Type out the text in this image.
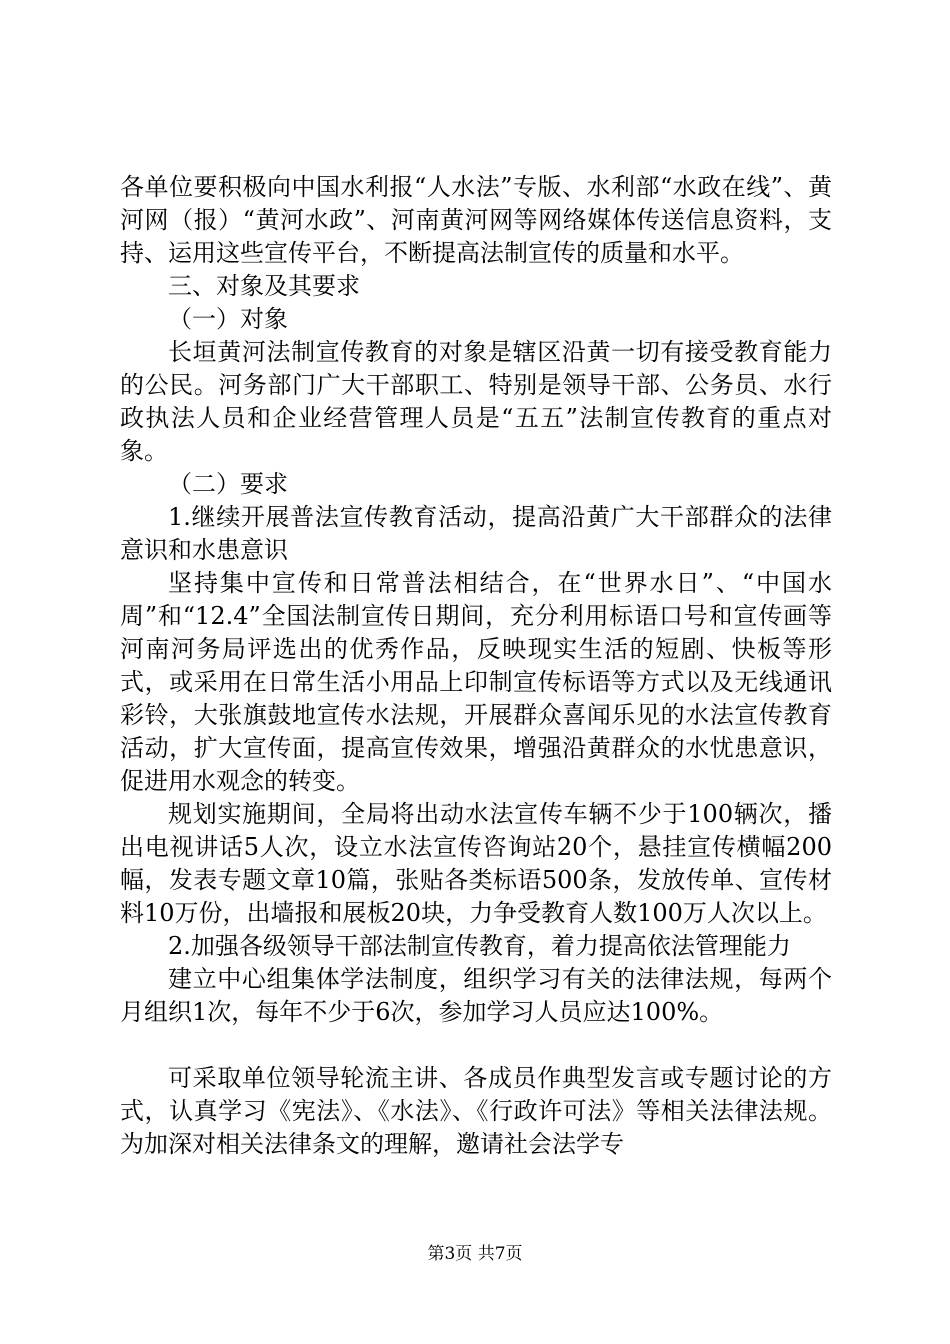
各单位要积极向中国水利报“人水法”专版、水利部“水政在线”、黄河网（报）“黄河水政”、河南黄河网等网络媒体传送信息资料，支持、运用这些宣传平台，不断提高法制宣传的质量和水平。

三、对象及其要求

（一）对象

长垣黄河法制宣传教育的对象是辖区沿黄一切有接受教育能力的公民。河务部门广大干部职工、特别是领导干部、公务员、水行政执法人员和企业经营管理人员是“五五”法制宣传教育的重点对象。

（二）要求

1.继续开展普法宣传教育活动，提高沿黄广大干部群众的法律意识和水患意识

坚持集中宣传和日常普法相结合，在“世界水日”、“中国水周”和“12.4”全国法制宣传日期间，充分利用标语口号和宣传画等河南河务局评选出的优秀作品，反映现实生活的短剧、快板等形式，或采用在日常生活小用品上印制宣传标语等方式以及无线通讯彩铃，大张旗鼓地宣传水法规，开展群众喜闻乐见的水法宣传教育活动，扩大宣传面，提高宣传效果，增强沿黄群众的水忧患意识，促进用水观念的转变。

规划实施期间，全局将出动水法宣传车辆不少于100辆次，播出电视讲话5人次，设立水法宣传咨询站20个，悬挂宣传横幅200幅，发表专题文章10篇，张贴各类标语500条，发放传单、宣传材料10万份，出墙报和展板20块，力争受教育人数100万人次以上。

2.加强各级领导干部法制宣传教育，着力提高依法管理能力

建立中心组集体学法制度，组织学习有关的法律法规，每两个月组织1次，每年不少于6次，参加学习人员应达100%。

可采取单位领导轮流主讲、各成员作典型发言或专题讨论的方式，认真学习《宪法》、《水法》、《行政许可法》等相关法律法规。为加深对相关法律条文的理解，邀请社会法学专

第3页 共7页
